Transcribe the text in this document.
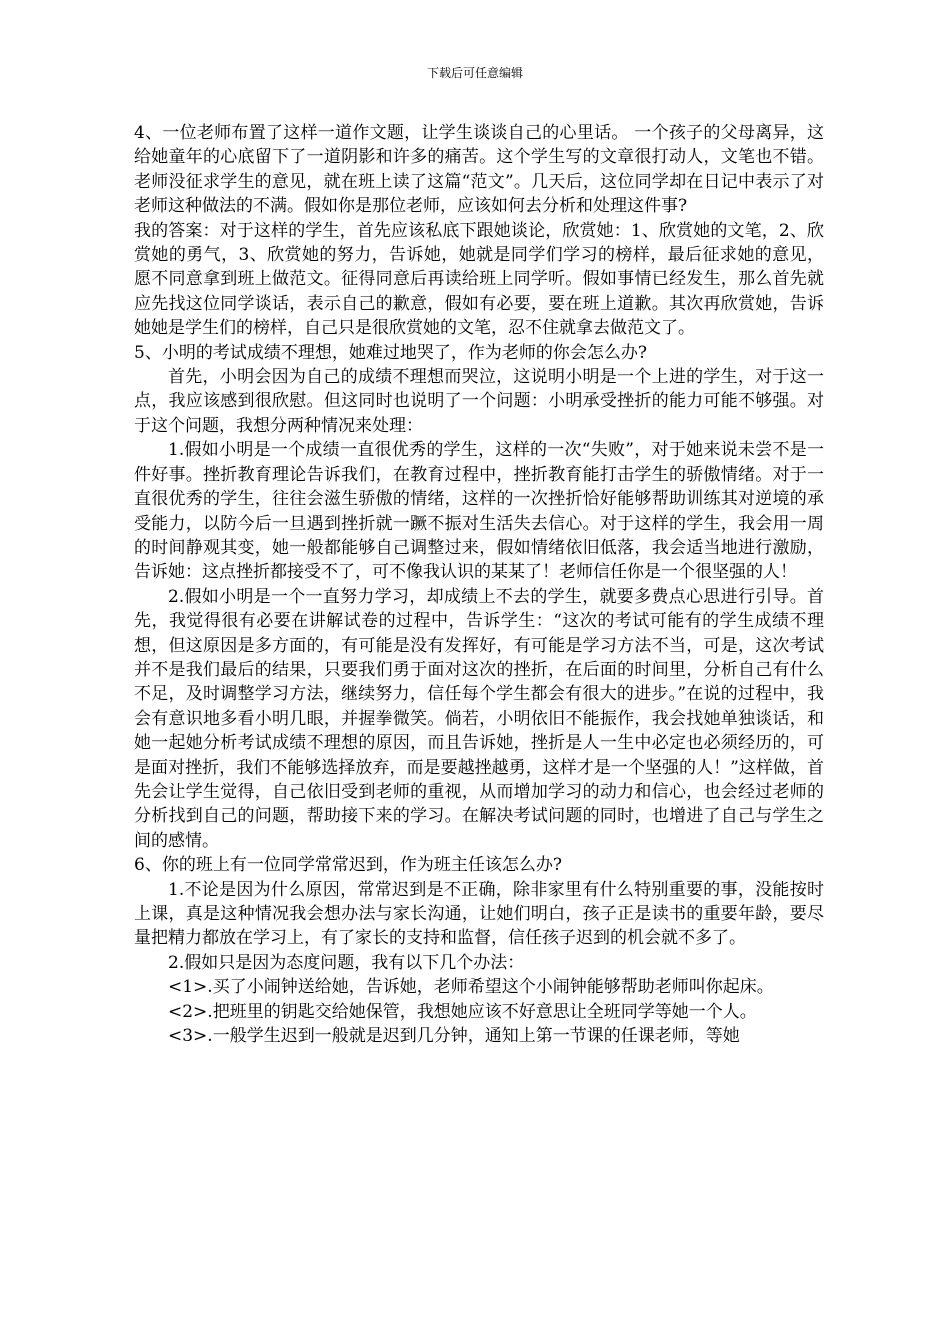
下载后可任意编辑

4、一位老师布置了这样一道作文题，让学生谈谈自己的心里话。 一个孩子的父母离异，这给她童年的心底留下了一道阴影和许多的痛苦。这个学生写的文章很打动人，文笔也不错。老师没征求学生的意见，就在班上读了这篇“范文”。几天后，这位同学却在日记中表示了对老师这种做法的不满。假如你是那位老师，应该如何去分析和处理这件事?

我的答案：对于这样的学生，首先应该私底下跟她谈论，欣赏她：1、欣赏她的文笔，2、欣赏她的勇气，3、欣赏她的努力，告诉她，她就是同学们学习的榜样，最后征求她的意见，愿不同意拿到班上做范文。征得同意后再读给班上同学听。假如事情已经发生，那么首先就应先找这位同学谈话，表示自己的歉意，假如有必要，要在班上道歉。其次再欣赏她，告诉她她是学生们的榜样，自己只是很欣赏她的文笔，忍不住就拿去做范文了。

5、小明的考试成绩不理想，她难过地哭了，作为老师的你会怎么办?

首先，小明会因为自己的成绩不理想而哭泣，这说明小明是一个上进的学生，对于这一点，我应该感到很欣慰。但这同时也说明了一个问题：小明承受挫折的能力可能不够强。对于这个问题，我想分两种情况来处理：

1.假如小明是一个成绩一直很优秀的学生，这样的一次“失败”，对于她来说未尝不是一件好事。挫折教育理论告诉我们，在教育过程中，挫折教育能打击学生的骄傲情绪。对于一直很优秀的学生，往往会滋生骄傲的情绪，这样的一次挫折恰好能够帮助训练其对逆境的承受能力，以防今后一旦遇到挫折就一蹶不振对生活失去信心。对于这样的学生，我会用一周的时间静观其变，她一般都能够自己调整过来，假如情绪依旧低落，我会适当地进行激励，告诉她：这点挫折都接受不了，可不像我认识的某某了！老师信任你是一个很坚强的人！

2.假如小明是一个一直努力学习，却成绩上不去的学生，就要多费点心思进行引导。首先，我觉得很有必要在讲解试卷的过程中，告诉学生：“这次的考试可能有的学生成绩不理想，但这原因是多方面的，有可能是没有发挥好，有可能是学习方法不当，可是，这次考试并不是我们最后的结果，只要我们勇于面对这次的挫折，在后面的时间里，分析自己有什么不足，及时调整学习方法，继续努力，信任每个学生都会有很大的进步。”在说的过程中，我会有意识地多看小明几眼，并握拳微笑。倘若，小明依旧不能振作，我会找她单独谈话，和她一起她分析考试成绩不理想的原因，而且告诉她，挫折是人一生中必定也必须经历的，可是面对挫折，我们不能够选择放弃，而是要越挫越勇，这样才是一个坚强的人！”这样做，首先会让学生觉得，自己依旧受到老师的重视，从而增加学习的动力和信心，也会经过老师的分析找到自己的问题，帮助接下来的学习。在解决考试问题的同时，也增进了自己与学生之间的感情。

6、你的班上有一位同学常常迟到，作为班主任该怎么办?

1.不论是因为什么原因，常常迟到是不正确，除非家里有什么特别重要的事，没能按时上课，真是这种情况我会想办法与家长沟通，让她们明白，孩子正是读书的重要年龄，要尽量把精力都放在学习上，有了家长的支持和监督，信任孩子迟到的机会就不多了。

2.假如只是因为态度问题，我有以下几个办法：

<1>.买了小闹钟送给她，告诉她，老师希望这个小闹钟能够帮助老师叫你起床。

<2>.把班里的钥匙交给她保管，我想她应该不好意思让全班同学等她一个人。

<3>.一般学生迟到一般就是迟到几分钟，通知上第一节课的任课老师，等她
